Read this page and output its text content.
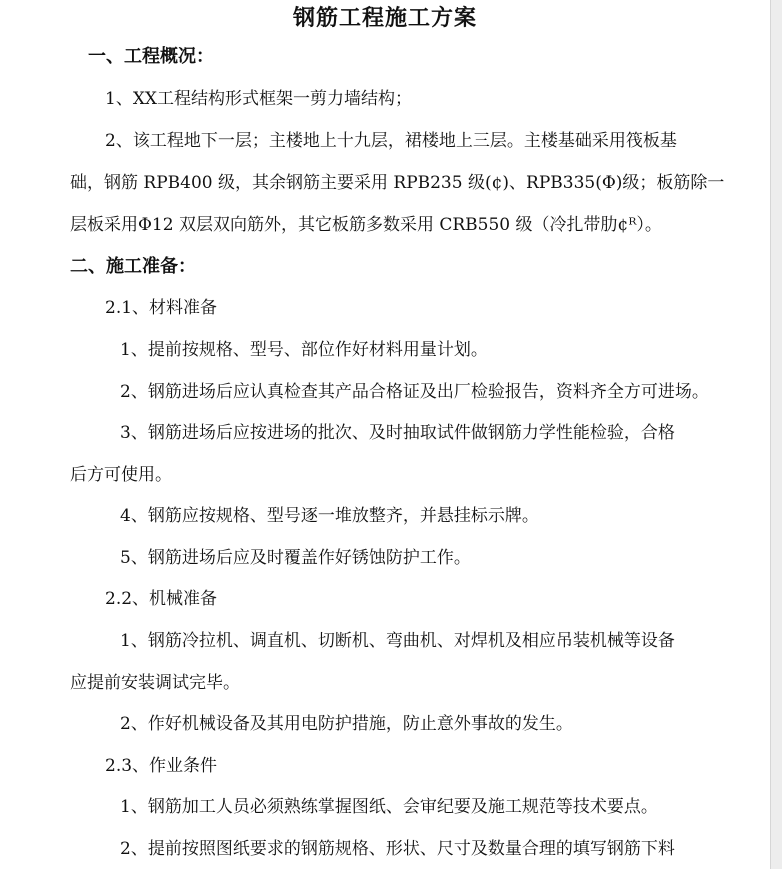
钢筋工程施工方案
一、工程概况：
1、XX工程结构形式框架一剪力墙结构；
2、该工程地下一层；主楼地上十九层，裙楼地上三层。主楼基础采用筏板基
础，钢筋 RPB400 级，其余钢筋主要采用 RPB235 级(¢)、RPB335(Φ)级；板筋除一
层板采用Φ12 双层双向筋外，其它板筋多数采用 CRB550 级（冷扎带肋¢ᴿ）。
二、施工准备：
2.1、材料准备
1、提前按规格、型号、部位作好材料用量计划。
2、钢筋进场后应认真检查其产品合格证及出厂检验报告，资料齐全方可进场。
3、钢筋进场后应按进场的批次、及时抽取试件做钢筋力学性能检验，合格
后方可使用。
4、钢筋应按规格、型号逐一堆放整齐，并悬挂标示牌。
5、钢筋进场后应及时覆盖作好锈蚀防护工作。
2.2、机械准备
1、钢筋冷拉机、调直机、切断机、弯曲机、对焊机及相应吊装机械等设备
应提前安装调试完毕。
2、作好机械设备及其用电防护措施，防止意外事故的发生。
2.3、作业条件
1、钢筋加工人员必须熟练掌握图纸、会审纪要及施工规范等技术要点。
2、提前按照图纸要求的钢筋规格、形状、尺寸及数量合理的填写钢筋下料
